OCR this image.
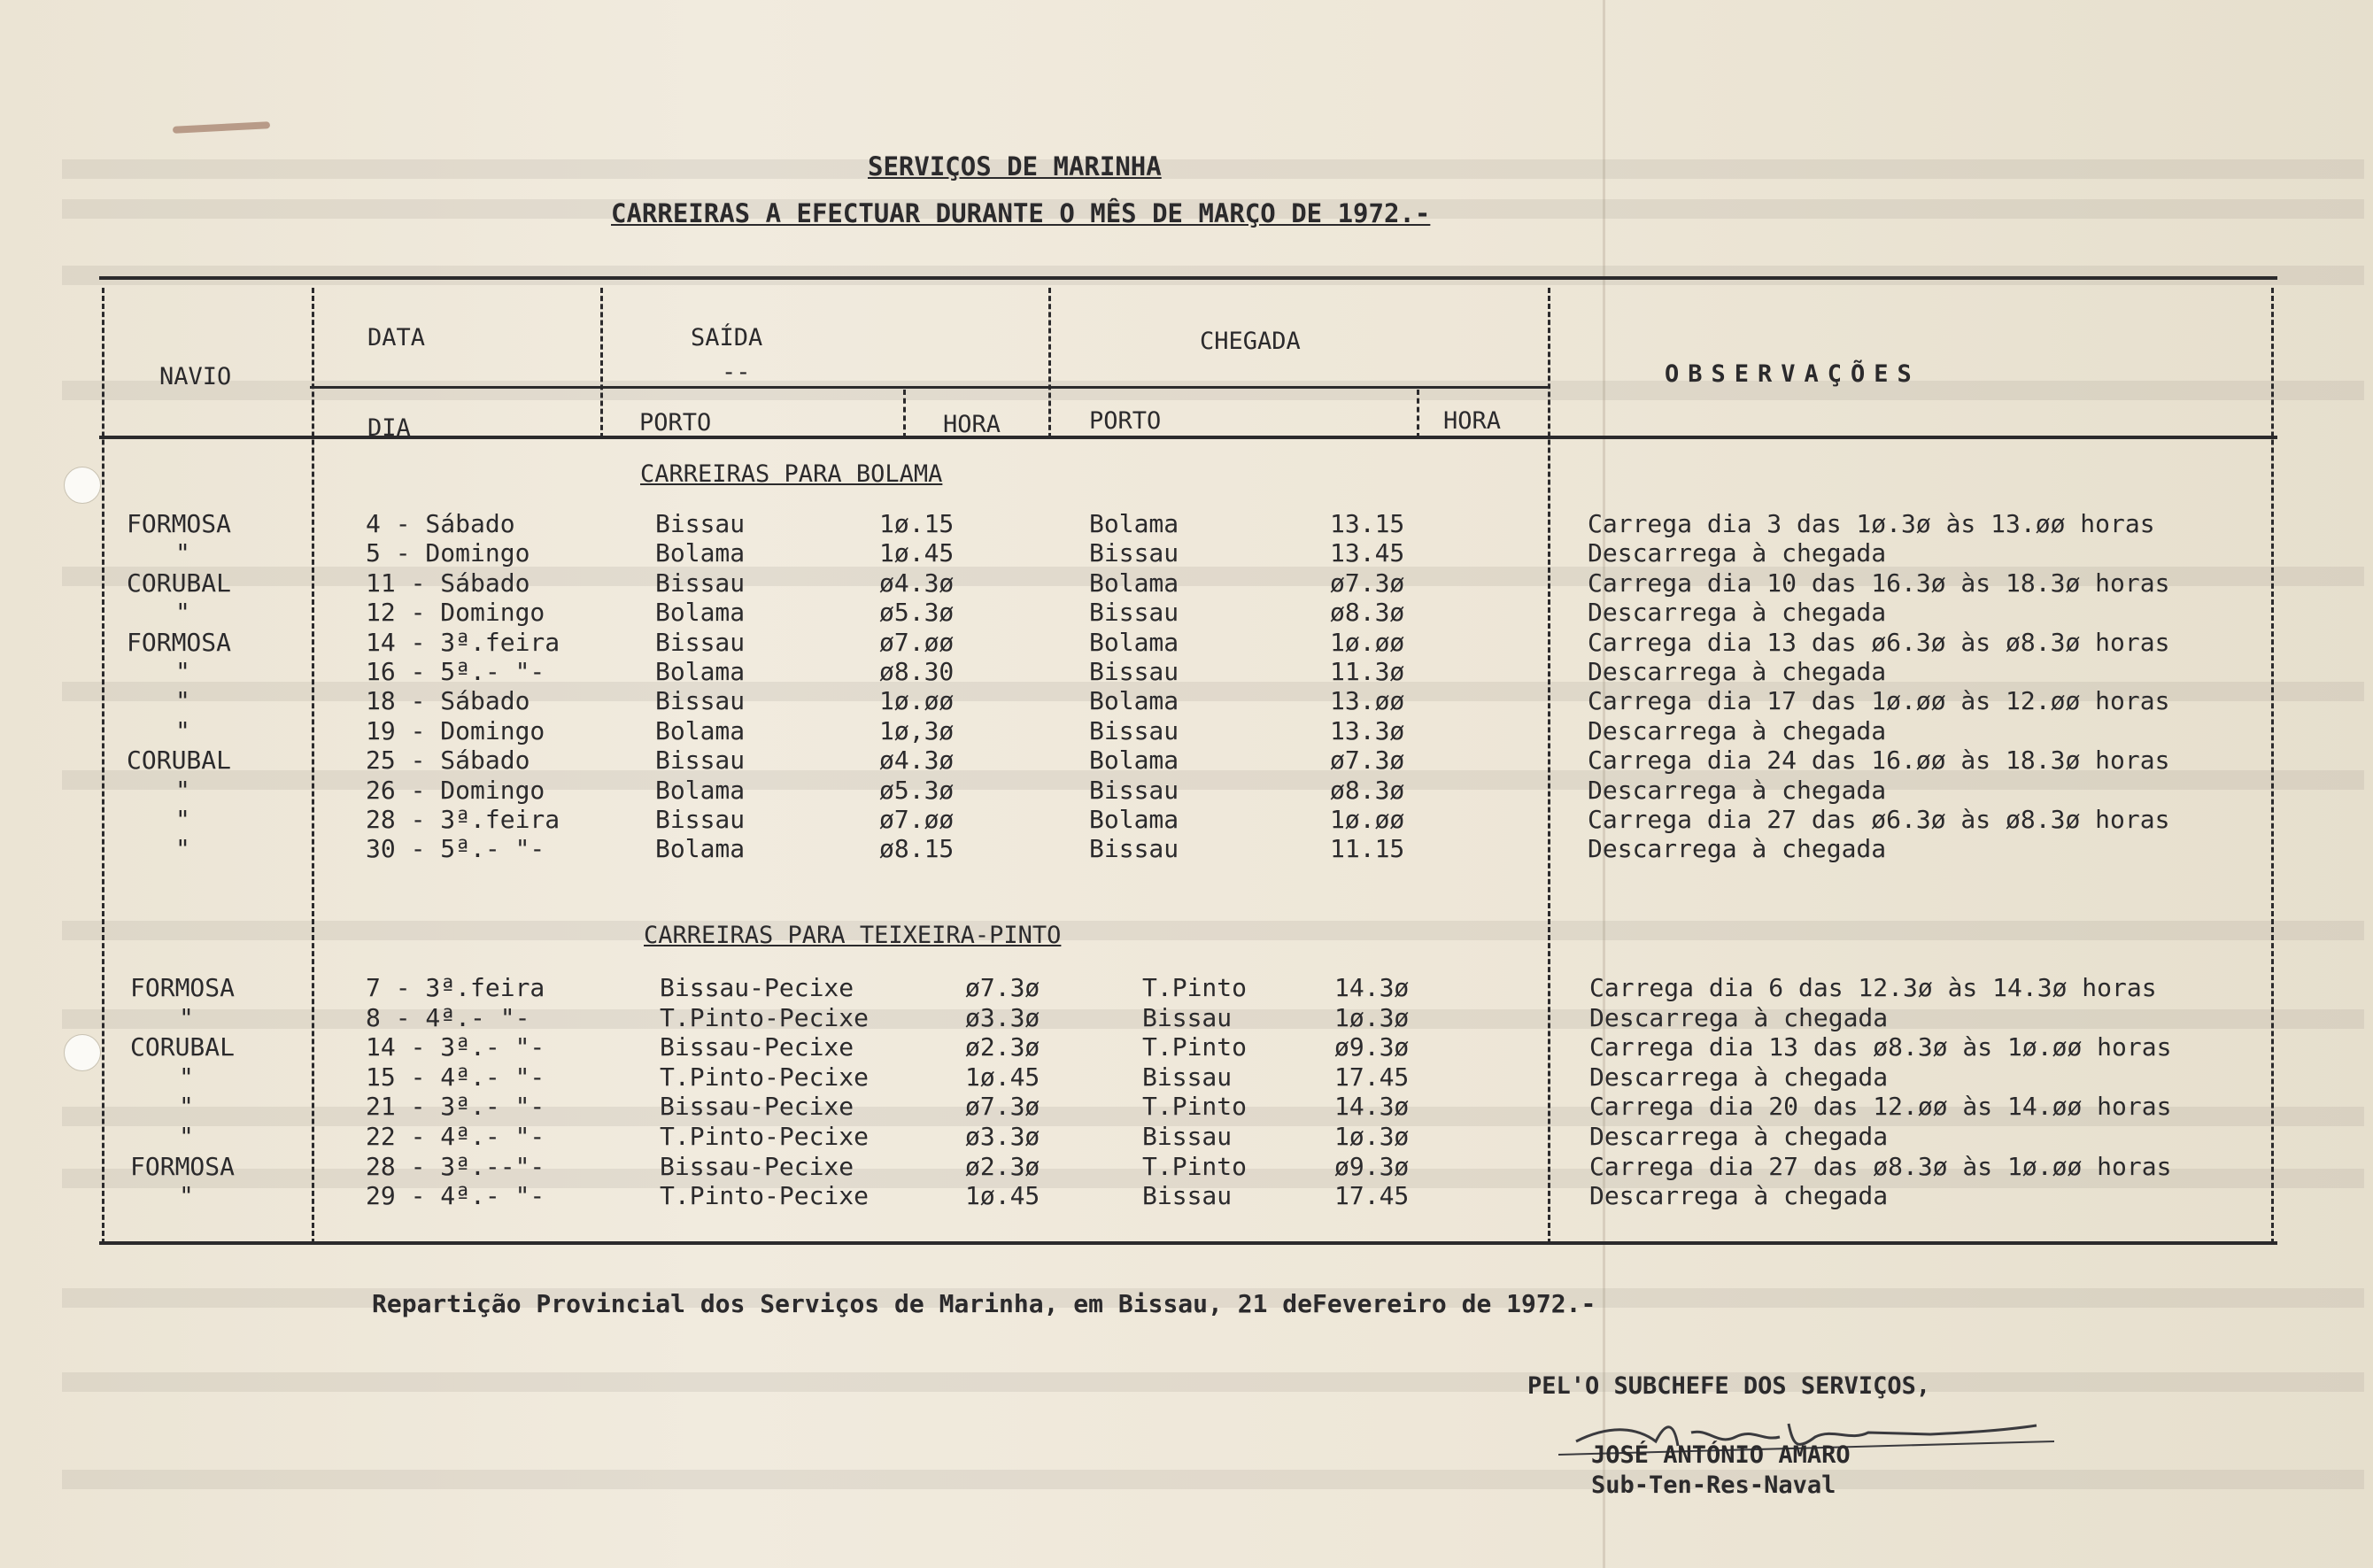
SERVIÇOS DE MARINHA
CARREIRAS A EFECTUAR DURANTE O MÊS DE MARÇO DE 1972.-
NAVIO
DATA
DIA
SAÍDA
--
CHEGADA
PORTO	HORA	PORTO	HORA
OBSERVAÇÕES
CARREIRAS PARA BOLAMA
CARREIRAS PARA TEIXEIRA-PINTO
FORMOSA	4 - Sábado	Bissau	1ø.15	Bolama	13.15	Carrega dia 3 das 1ø.3ø às 13.øø horas
"	5 - Domingo	Bolama	1ø.45	Bissau	13.45	Descarrega à chegada
CORUBAL	11 - Sábado	Bissau	ø4.3ø	Bolama	ø7.3ø	Carrega dia 10 das 16.3ø às 18.3ø horas
"	12 - Domingo	Bolama	ø5.3ø	Bissau	ø8.3ø	Descarrega à chegada
FORMOSA	14 - 3ª.feira	Bissau	ø7.øø	Bolama	1ø.øø	Carrega dia 13 das ø6.3ø às ø8.3ø horas
"	16 - 5ª.- "-	Bolama	ø8.30	Bissau	11.3ø	Descarrega à chegada
"	18 - Sábado	Bissau	1ø.øø	Bolama	13.øø	Carrega dia 17 das 1ø.øø às 12.øø horas
"	19 - Domingo	Bolama	1ø,3ø	Bissau	13.3ø	Descarrega à chegada
CORUBAL	25 - Sábado	Bissau	ø4.3ø	Bolama	ø7.3ø	Carrega dia 24 das 16.øø às 18.3ø horas
"	26 - Domingo	Bolama	ø5.3ø	Bissau	ø8.3ø	Descarrega à chegada
"	28 - 3ª.feira	Bissau	ø7.øø	Bolama	1ø.øø	Carrega dia 27 das ø6.3ø às ø8.3ø horas
"	30 - 5ª.- "-	Bolama	ø8.15	Bissau	11.15	Descarrega à chegada
FORMOSA	7 - 3ª.feira	Bissau-Pecixe	ø7.3ø	T.Pinto	14.3ø	Carrega dia 6 das 12.3ø às 14.3ø horas
"	8 - 4ª.- "-	T.Pinto-Pecixe	ø3.3ø	Bissau	1ø.3ø	Descarrega à chegada
CORUBAL	14 - 3ª.- "-	Bissau-Pecixe	ø2.3ø	T.Pinto	ø9.3ø	Carrega dia 13 das ø8.3ø às 1ø.øø horas
"	15 - 4ª.- "-	T.Pinto-Pecixe	1ø.45	Bissau	17.45	Descarrega à chegada
"	21 - 3ª.- "-	Bissau-Pecixe	ø7.3ø	T.Pinto	14.3ø	Carrega dia 20 das 12.øø às 14.øø horas
"	22 - 4ª.- "-	T.Pinto-Pecixe	ø3.3ø	Bissau	1ø.3ø	Descarrega à chegada
FORMOSA	28 - 3ª.--"-	Bissau-Pecixe	ø2.3ø	T.Pinto	ø9.3ø	Carrega dia 27 das ø8.3ø às 1ø.øø horas
"	29 - 4ª.- "-	T.Pinto-Pecixe	1ø.45	Bissau	17.45	Descarrega à chegada
Repartição Provincial dos Serviços de Marinha, em Bissau, 21 deFevereiro de 1972.-
PEL'O SUBCHEFE DOS SERVIÇOS,
JOSÉ ANTÓNIO AMARO
Sub-Ten-Res-Naval
